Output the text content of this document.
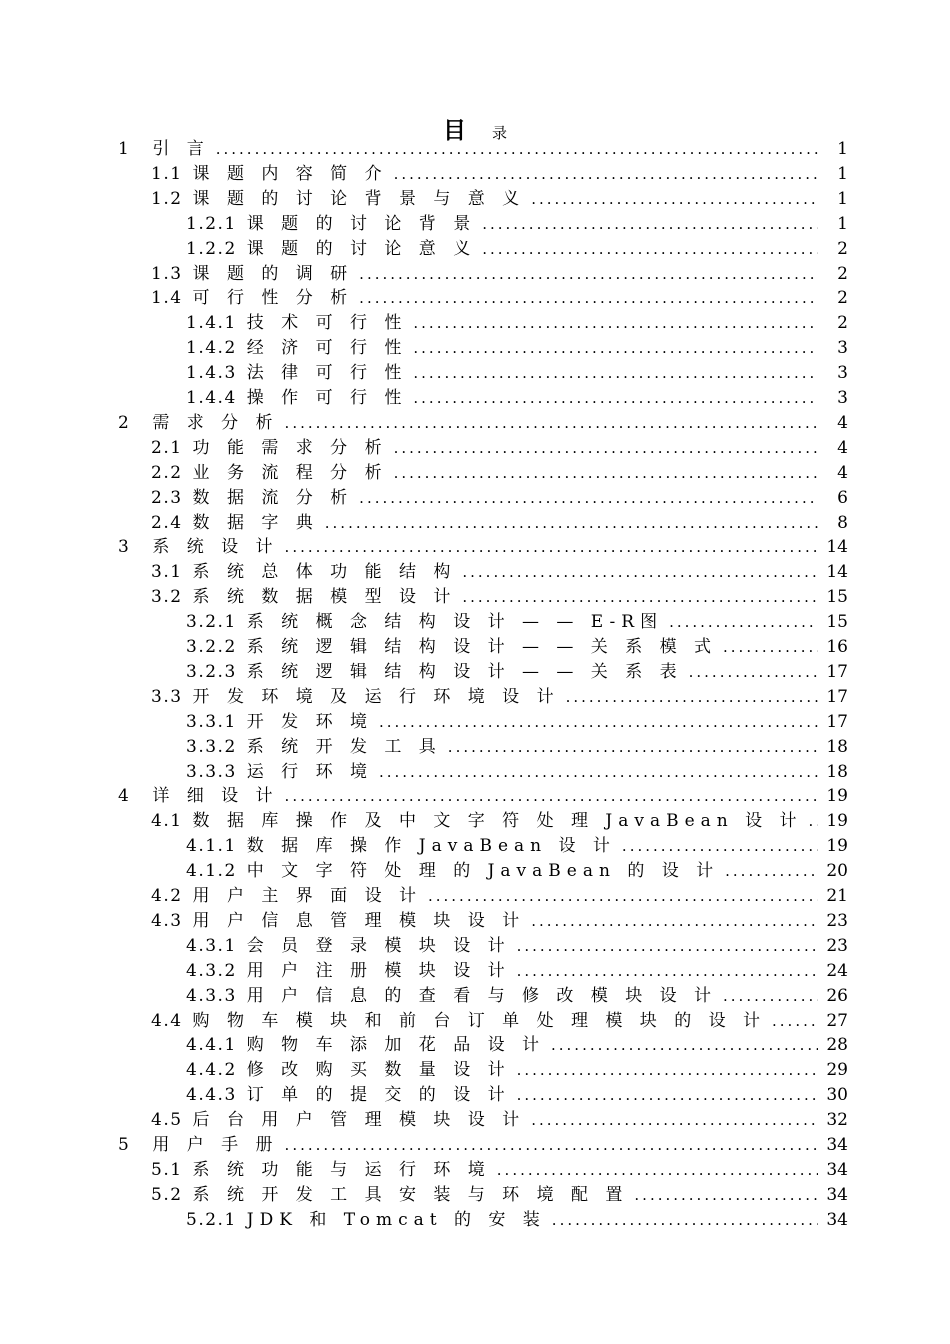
目 录
1 引 言 .....	1
1.1 课 题 内 容 简 介 .....	1
1.2 课 题 的 讨 论 背 景 与 意 义 .....	1
1.2.1 课 题 的 讨 论 背 景 .....	1
1.2.2 课 题 的 讨 论 意 义 .....	2
1.3 课 题 的 调 研 .....	2
1.4 可 行 性 分 析 .....	2
1.4.1 技 术 可 行 性 .....	2
1.4.2 经 济 可 行 性 .....	3
1.4.3 法 律 可 行 性 .....	3
1.4.4 操 作 可 行 性 .....	3
2 需 求 分 析 .....	4
2.1 功 能 需 求 分 析 .....	4
2.2 业 务 流 程 分 析 .....	4
2.3 数 据 流 分 析 .....	6
2.4 数 据 字 典 .....	8
3 系 统 设 计 .....	14
3.1 系 统 总 体 功 能 结 构 .....	14
3.2 系 统 数 据 模 型 设 计 .....	15
3.2.1 系 统 概 念 结 构 设 计 — — E-R图 .....	15
3.2.2 系 统 逻 辑 结 构 设 计 — — 关 系 模 式 .....	16
3.2.3 系 统 逻 辑 结 构 设 计 — — 关 系 表 .....	17
3.3 开 发 环 境 及 运 行 环 境 设 计 .....	17
3.3.1 开 发 环 境 .....	17
3.3.2 系 统 开 发 工 具 .....	18
3.3.3 运 行 环 境 .....	18
4 详 细 设 计 .....	19
4.1 数 据 库 操 作 及 中 文 字 符 处 理 JavaBean 设 计 ..... 19
4.1.1 数 据 库 操 作 JavaBean 设 计 .....	19
4.1.2 中 文 字 符 处 理 的 JavaBean 的 设 计 .....	20
4.2 用 户 主 界 面 设 计 .....	21
4.3 用 户 信 息 管 理 模 块 设 计 .....	23
4.3.1 会 员 登 录 模 块 设 计 .....	23
4.3.2 用 户 注 册 模 块 设 计 .....	24
4.3.3 用 户 信 息 的 查 看 与 修 改 模 块 设 计 .....	26
4.4 购 物 车 模 块 和 前 台 订 单 处 理 模 块 的 设 计 .....	27
4.4.1 购 物 车 添 加 花 品 设 计 .....	28
4.4.2 修 改 购 买 数 量 设 计 .....	29
4.4.3 订 单 的 提 交 的 设 计 .....	30
4.5 后 台 用 户 管 理 模 块 设 计 .....	32
5 用 户 手 册 .....	34
5.1 系 统 功 能 与 运 行 环 境 .....	34
5.2 系 统 开 发 工 具 安 装 与 环 境 配 置 .....	34
5.2.1 JDK 和 Tomcat 的 安 装 .....	34
